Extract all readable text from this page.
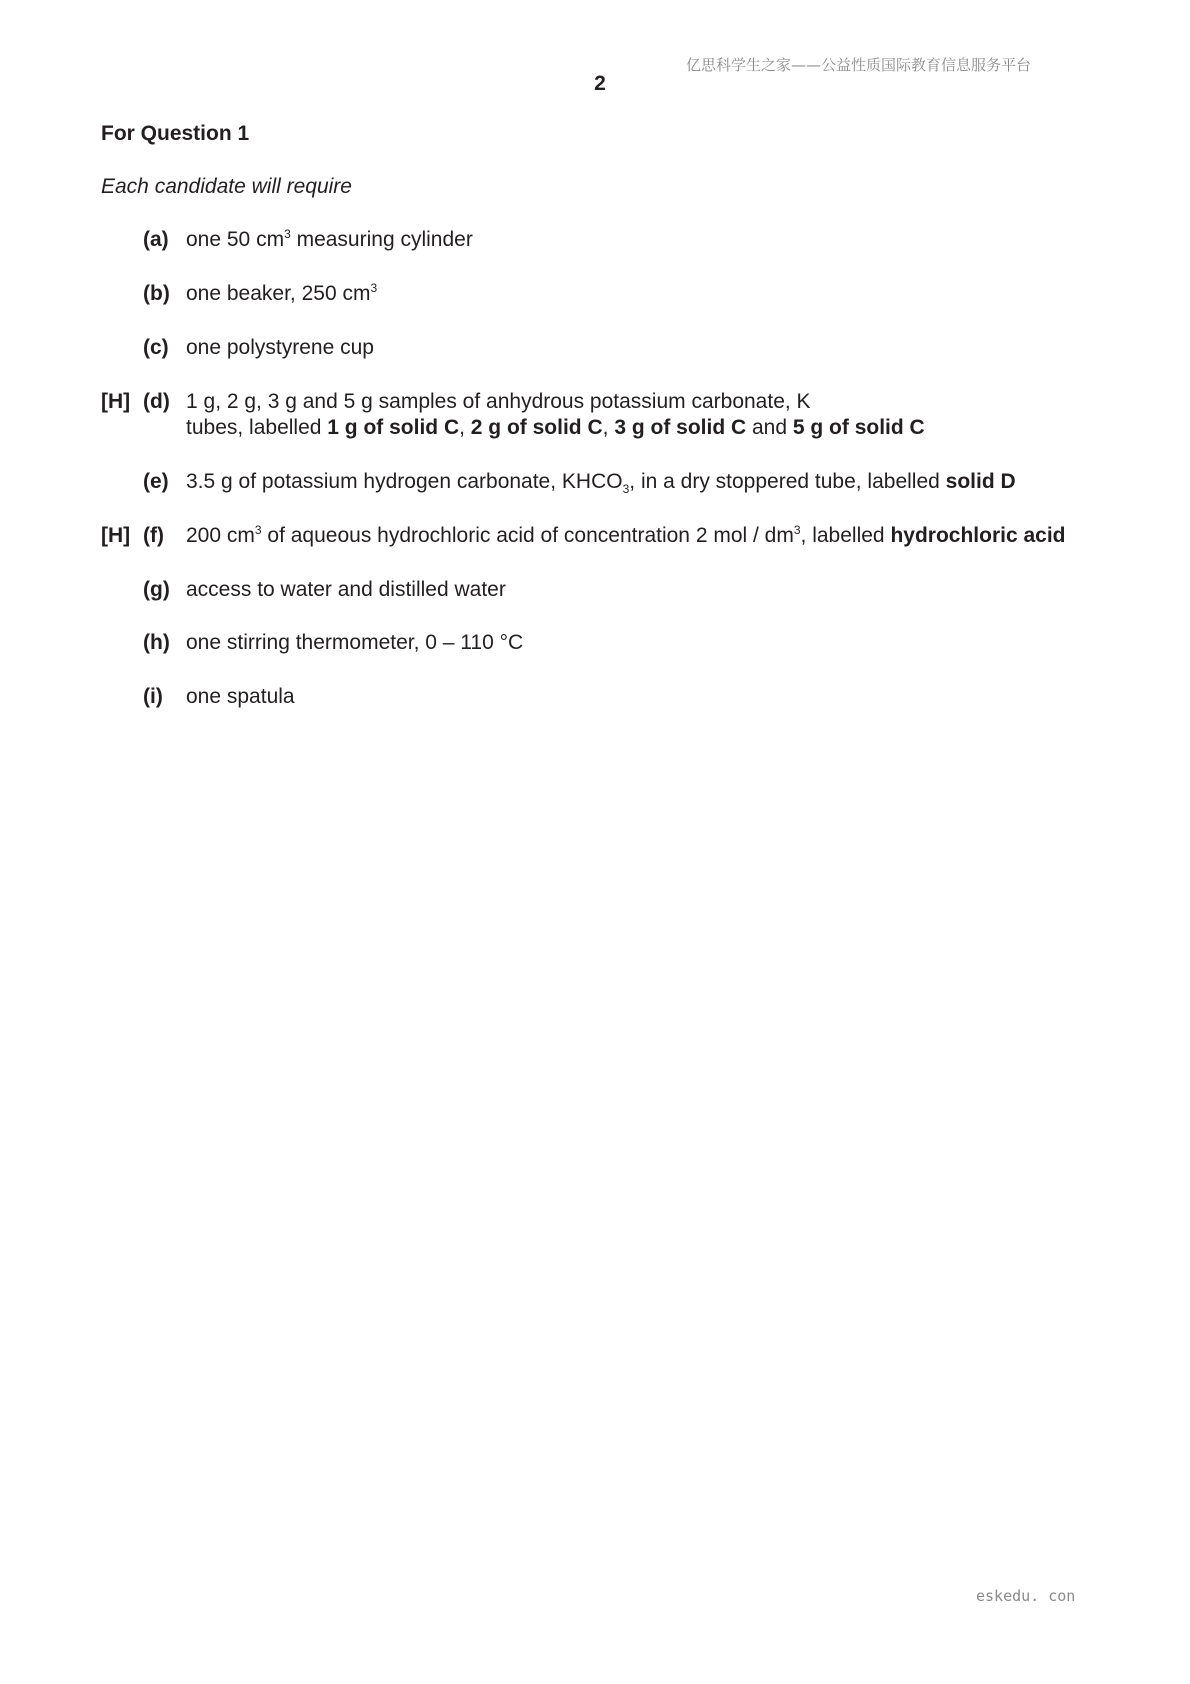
亿思科学生之家——公益性质国际教育信息服务平台
2
For Question 1
Each candidate will require
(a) one 50 $cm^3$ measuring cylinder
(b) one beaker, 250 $cm^3$
(c) one polystyrene cup
[H] (d) 1 g, 2 g, 3 g and 5 g samples of anhydrous potassium carbonate, K
tubes, labelled 1 g of solid C, 2 g of solid C, 3 g of solid C and 5 g of solid C
(e) 3.5 g of potassium hydrogen carbonate, $KHCO_3$, in a dry stoppered tube, labelled solid D
[H] (f) 200 $cm^3$ of aqueous hydrochloric acid of concentration 2 mol / $dm^3$, labelled hydrochloric acid
(g) access to water and distilled water
(h) one stirring thermometer, 0 – 110 °C
(i) one spatula
eskedu. con
